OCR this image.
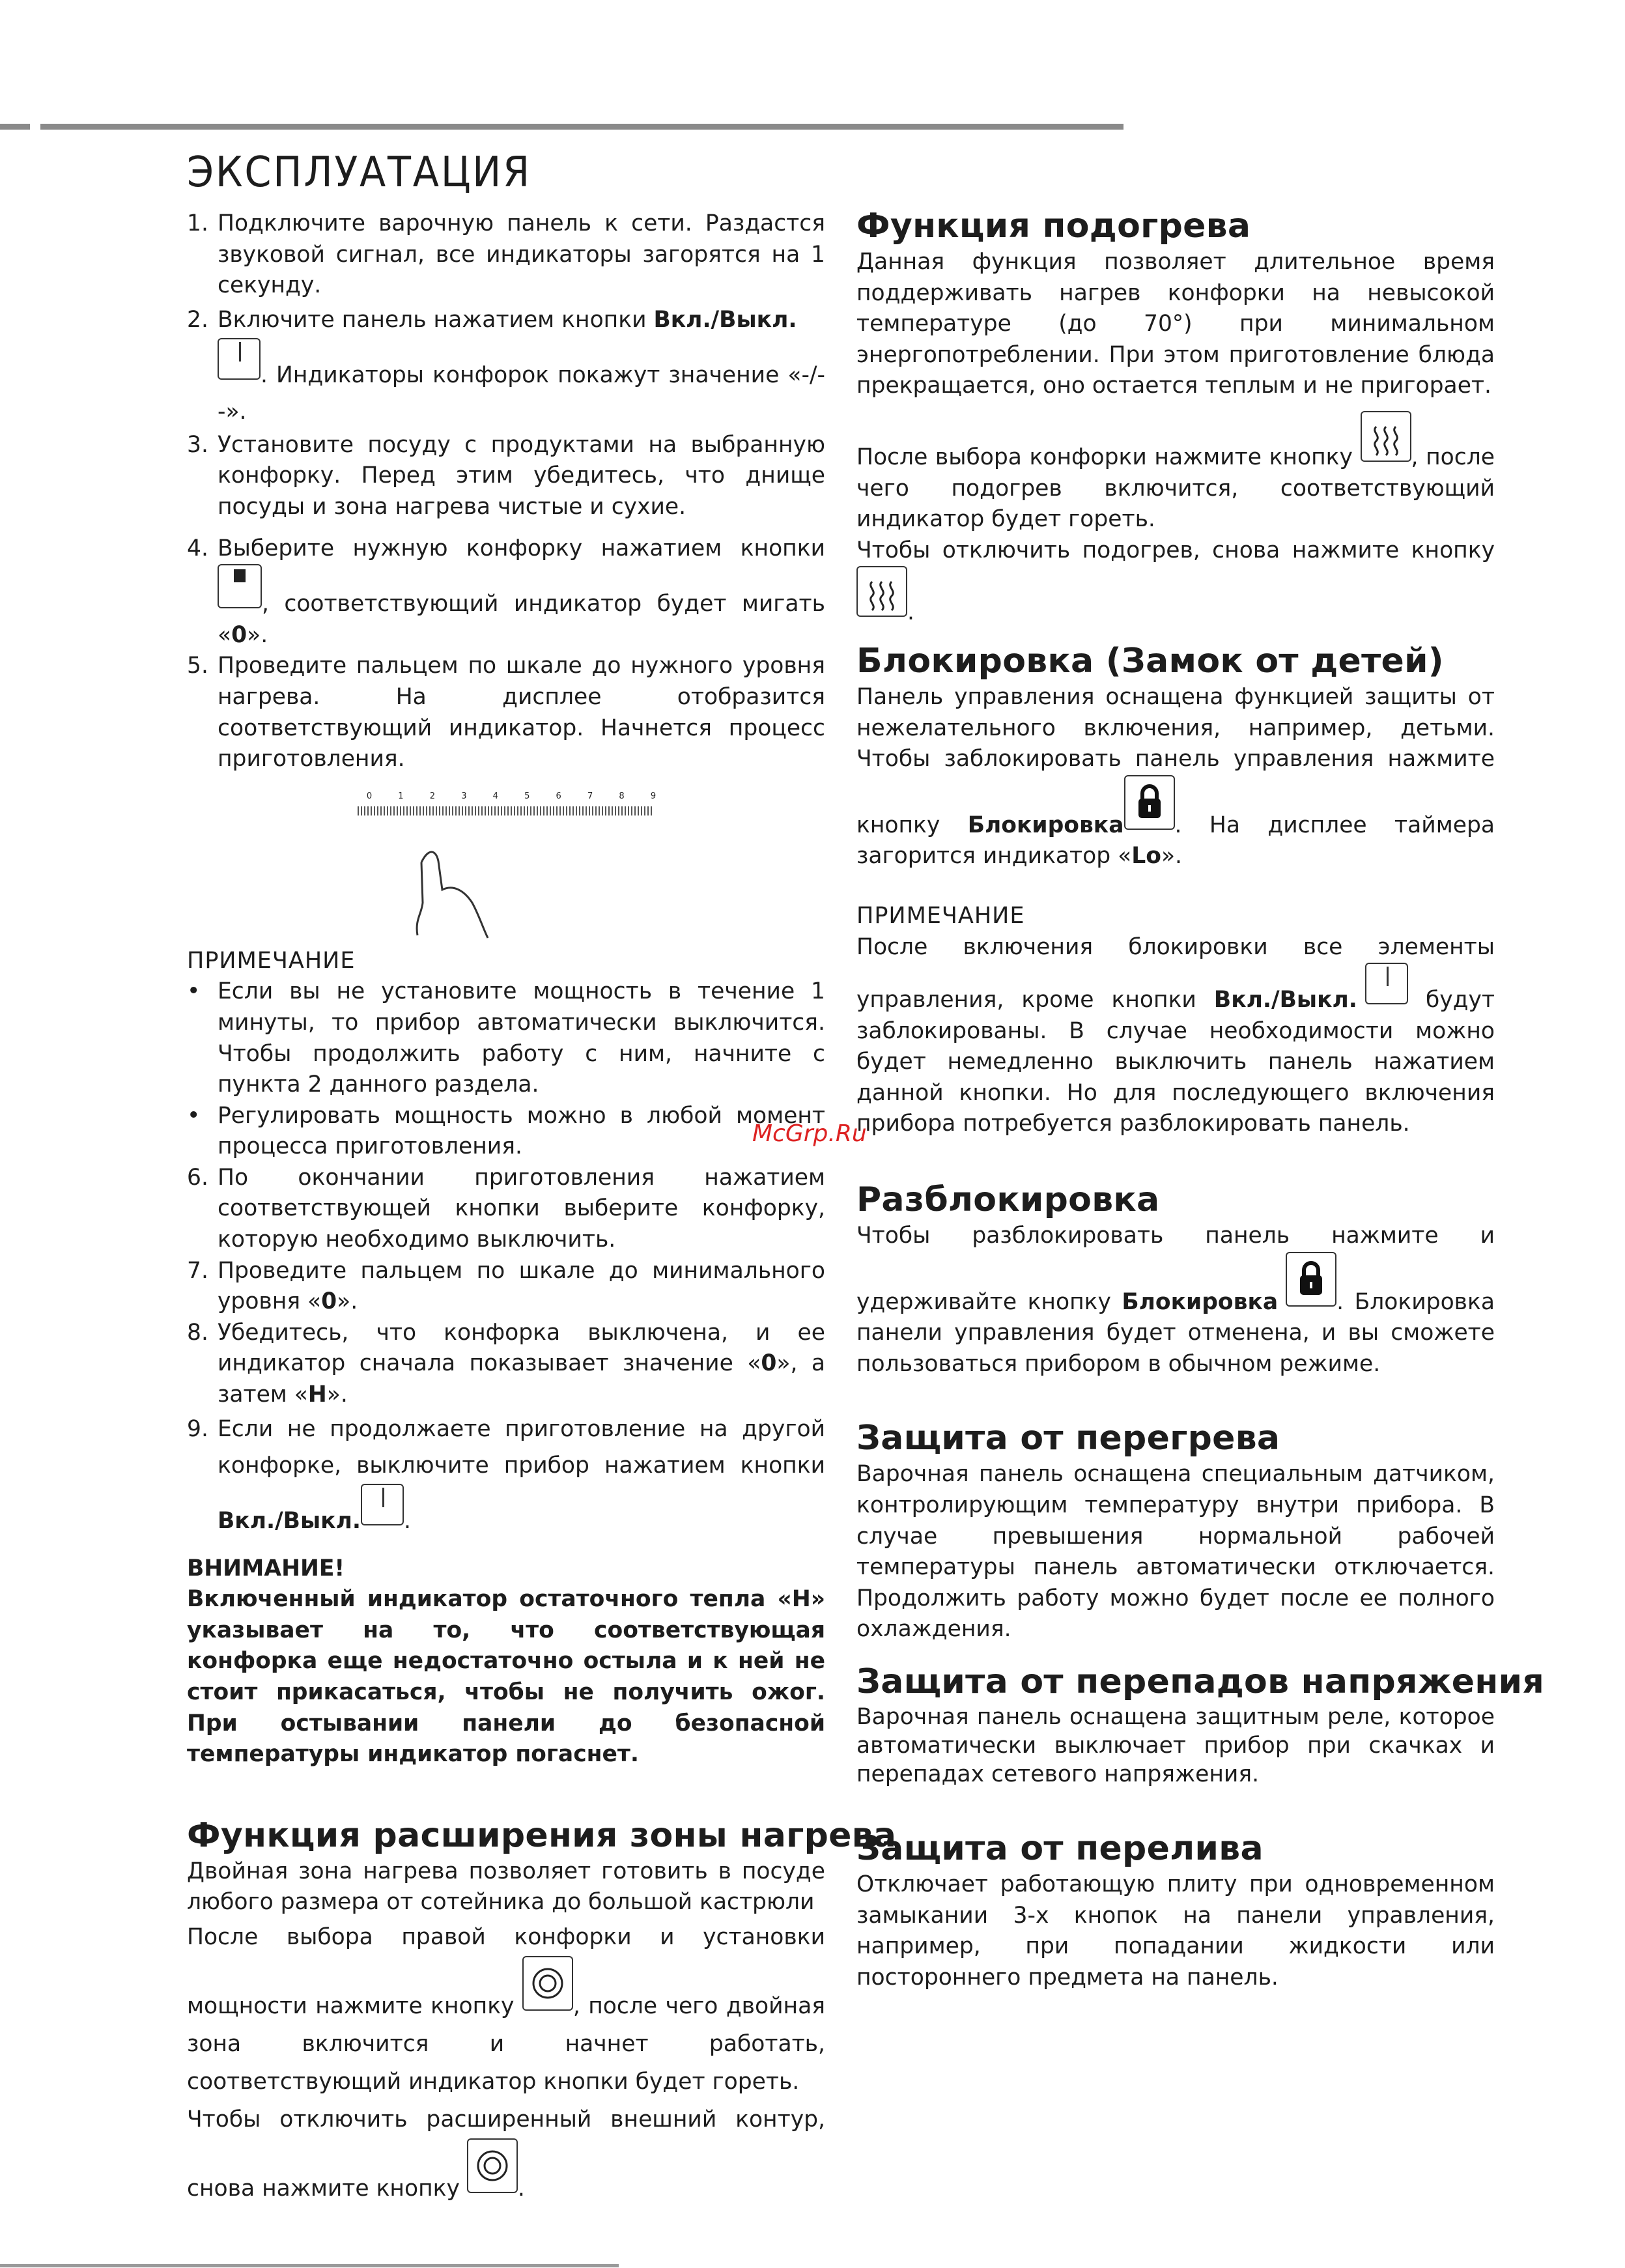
ЭКСПЛУАТАЦИЯ
1. Подключите варочную панель к сети. Раздастся звуковой сигнал, все индикаторы загорятся на 1 секунду.
2. Включите панель нажатием кнопки Вкл./Выкл.
. Индикаторы конфорок покажут значение «-/--».
3. Установите посуду с продуктами на выбранную конфорку. Перед этим убедитесь, что днище посуды и зона нагрева чистые и сухие.
4. Выберите нужную конфорку нажатием кнопки , соответствующий индикатор будет мигать «0».
5. Проведите пальцем по шкале до нужного уровня нагрева. На дисплее отобразится соответствующий индикатор. Начнется процесс приготовления.
0	1	2	3	4	5	6	7	8	9

ПРИМЕЧАНИЕ

• Если вы не установите мощность в течение 1 минуты, то прибор автоматически выключится. Чтобы продолжить работу с ним, начните с пункта 2 данного раздела.
• Регулировать мощность можно в любой момент процесса приготовления.
6. По окончании приготовления нажатием соответствующей кнопки выберите конфорку, которую необходимо выключить.
7. Проведите пальцем по шкале до минимального уровня «0».
8. Убедитесь, что конфорка выключена, и ее индикатор сначала показывает значение «0», а затем «H».
9. Если не продолжаете приготовление на другой конфорке, выключите прибор нажатием кнопки Вкл./Выкл. .

ВНИМАНИЕ!

Включенный индикатор остаточного тепла «H» указывает на то, что соответствующая конфорка еще недостаточно остыла и к ней не стоит прикасаться, чтобы не получить ожог. При остывании панели до безопасной температуры индикатор погаснет.

Функция расширения зоны нагрева

Двойная зона нагрева позволяет готовить в посуде любого размера от сотейника до большой кастрюли

После выбора правой конфорки и установки мощности нажмите кнопку
, после чего двойная зона включится и начнет работать, соответствующий индикатор кнопки будет гореть.

Чтобы отключить расширенный внешний контур, снова нажмите кнопку
.

Функция подогрева

Данная функция позволяет длительное время поддерживать нагрев конфорки на невысокой температуре (до 70°) при минимальном энергопотреблении. При этом приготовление блюда прекращается, оно остается теплым и не пригорает.

После выбора конфорки нажмите кнопку
, после чего подогрев включится, соответствующий индикатор будет гореть.

Чтобы отключить подогрев, снова нажмите кнопку
.

Блокировка (Замок от детей)

Панель управления оснащена функцией защиты от нежелательного включения, например, детьми. Чтобы заблокировать панель управления нажмите кнопку Блокировка . На дисплее таймера загорится индикатор «Lo».

ПРИМЕЧАНИЕ

После включения блокировки все элементы управления, кроме кнопки Вкл./Выкл. будут заблокированы. В случае необходимости можно будет немедленно выключить панель нажатием данной кнопки. Но для последующего включения прибора потребуется разблокировать панель.

Разблокировка

Чтобы разблокировать панель нажмите и удерживайте кнопку Блокировка	. Блокировка панели управления будет отменена, и вы сможете пользоваться прибором в обычном режиме.

Защита от перегрева

Варочная панель оснащена специальным датчиком, контролирующим температуру внутри прибора. В случае превышения нормальной рабочей температуры панель автоматически отключается. Продолжить работу можно будет после ее полного охлаждения.

Защита от перепадов напряжения

Варочная панель оснащена защитным реле, которое автоматически выключает прибор при скачках и перепадах сетевого напряжения.

Защита от перелива

Отключает работающую плиту при одновременном замыкании 3-х кнопок на панели управления, например, при попадании жидкости или постороннего предмета на панель.

McGrp.Ru
